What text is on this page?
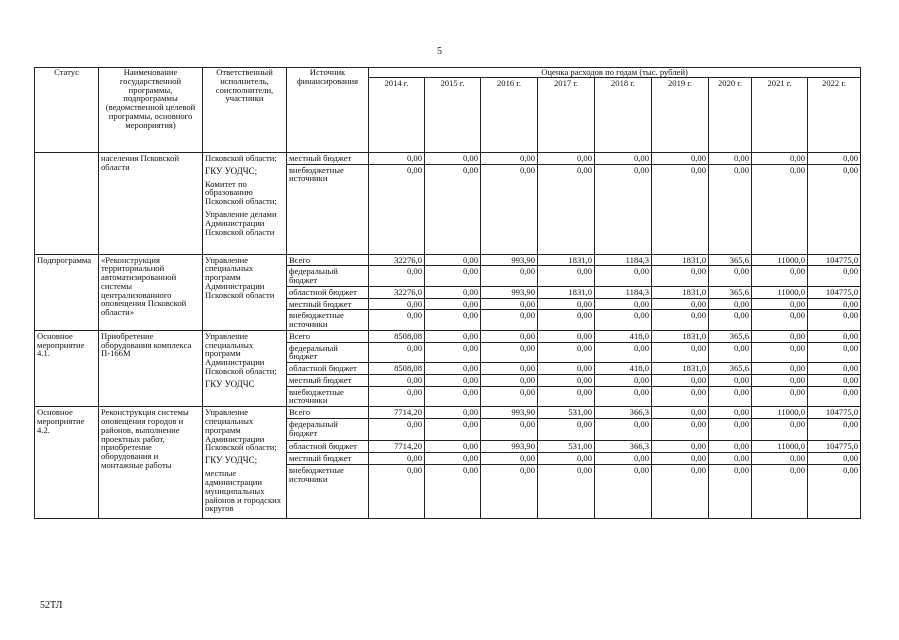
5
Статус	Наименование государственной программы, подпрограммы (ведомственной целевой программы, основного мероприятия)	Ответственный исполнитель, соисполнители, участники	Источник финансирования	Оценка расходов по годам (тыс. рублей)								
				2014 г.	2015 г.	2016 г.	2017 г.	2018 г.	2019 г.	2020 г.	2021 г.	2022 г.
	населения Псковской области	Псковской области;
ГКУ УОДЧС;
Комитет по образованию Псковской области;
Управление делами Администрации Псковской области	местный бюджет	0,00	0,00	0,00	0,00	0,00	0,00	0,00	0,00	0,00
			внебюджетные источники	0,00	0,00	0,00	0,00	0,00	0,00	0,00	0,00	0,00
Подпрограмма	«Реконструкция территориальной автоматизированной системы централизованного оповещения Псковской области»	Управление специальных программ Администрации Псковской области	Всего	32276,0	0,00	993,90	1831,0	1184,3	1831,0	365,6	11000,0	104775,0
			федеральный бюджет	0,00	0,00	0,00	0,00	0,00	0,00	0,00	0,00	0,00
			областной бюджет	32276,0	0,00	993,90	1831,0	1184,3	1831,0	365,6	11000,0	104775,0
			местный бюджет	0,00	0,00	0,00	0,00	0,00	0,00	0,00	0,00	0,00
			внебюджетные источники	0,00	0,00	0,00	0,00	0,00	0,00	0,00	0,00	0,00
Основное мероприятие 4.1.	Приобретение оборудования комплекса П-166М	Управление специальных программ Администрации Псковской области;
ГКУ УОДЧС	Всего	8508,08	0,00	0,00	0,00	418,0	1831,0	365,6	0,00	0,00
			федеральный бюджет	0,00	0,00	0,00	0,00	0,00	0,00	0,00	0,00	0,00
			областной бюджет	8508,08	0,00	0,00	0,00	418,0	1831,0	365,6	0,00	0,00
			местный бюджет	0,00	0,00	0,00	0,00	0,00	0,00	0,00	0,00	0,00
			внебюджетные источники	0,00	0,00	0,00	0,00	0,00	0,00	0,00	0,00	0,00
Основное мероприятие 4.2.	Реконструкция системы оповещения городов и районов, выполнение проектных работ, приобретение оборудования и монтажные работы	Управление специальных программ Администрации Псковской области;
ГКУ УОДЧС;
местные администрации муниципальных районов и городских округов	Всего	7714,20	0,00	993,90	531,00	366,3	0,00	0,00	11000,0	104775,0
			федеральный бюджет	0,00	0,00	0,00	0,00	0,00	0,00	0,00	0,00	0,00
			областной бюджет	7714,20	0,00	993,90	531,00	366,3	0,00	0,00	11000,0	104775,0
			местный бюджет	0,00	0,00	0,00	0,00	0,00	0,00	0,00	0,00	0,00
			внебюджетные источники	0,00	0,00	0,00	0,00	0,00	0,00	0,00	0,00	0,00
52ТЛ
